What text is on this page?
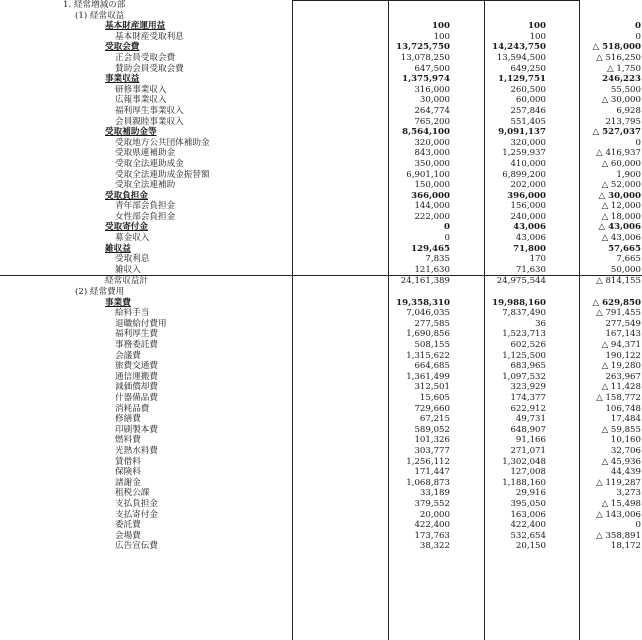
1. 経常増減の部			
(1) 経常収益			
基本財産運用益	100	100	0
基本財産受取利息	100	100	0
受取会費	13,725,750	14,243,750	△ 518,000
正会員受取会費	13,078,250	13,594,500	△ 516,250
賛助会員受取会費	647,500	649,250	△ 1,750
事業収益	1,375,974	1,129,751	246,223
研修事業収入	316,000	260,500	55,500
広報事業収入	30,000	60,000	△ 30,000
福利厚生事業収入	264,774	257,846	6,928
会員親睦事業収入	765,200	551,405	213,795
受取補助金等	8,564,100	9,091,137	△ 527,037
受取地方公共団体補助金	320,000	320,000	0
受取県連補助金	843,000	1,259,937	△ 416,937
受取全法連助成金	350,000	410,000	△ 60,000
受取全法連助成金振替額	6,901,100	6,899,200	1,900
受取全法連補助	150,000	202,000	△ 52,000
受取負担金	366,000	396,000	△ 30,000
青年部会負担金	144,000	156,000	△ 12,000
女性部会負担金	222,000	240,000	△ 18,000
受取寄付金	0	43,006	△ 43,006
募金収入	0	43,006	△ 43,006
雑収益	129,465	71,800	57,665
受取利息	7,835	170	7,665
雑収入	121,630	71,630	50,000
経常収益計	24,161,389	24,975,544	△ 814,155
(2) 経常費用			
事業費	19,358,310	19,988,160	△ 629,850
給料手当	7,046,035	7,837,490	△ 791,455
退職給付費用	277,585	36	277,549
福利厚生費	1,690,856	1,523,713	167,143
事務委託費	508,155	602,526	△ 94,371
会議費	1,315,622	1,125,500	190,122
旅費交通費	664,685	683,965	△ 19,280
通信運搬費	1,361,499	1,097,532	263,967
減価償却費	312,501	323,929	△ 11,428
什器備品費	15,605	174,377	△ 158,772
消耗品費	729,660	622,912	106,748
修繕費	67,215	49,731	17,484
印刷製本費	589,052	648,907	△ 59,855
燃料費	101,326	91,166	10,160
光熱水料費	303,777	271,071	32,706
賃借料	1,256,112	1,302,048	△ 45,936
保険料	171,447	127,008	44,439
諸謝金	1,068,873	1,188,160	△ 119,287
租税公課	33,189	29,916	3,273
支払負担金	379,552	395,050	△ 15,498
支払寄付金	20,000	163,006	△ 143,006
委託費	422,400	422,400	0
会場費	173,763	532,654	△ 358,891
広告宣伝費	38,322	20,150	18,172
